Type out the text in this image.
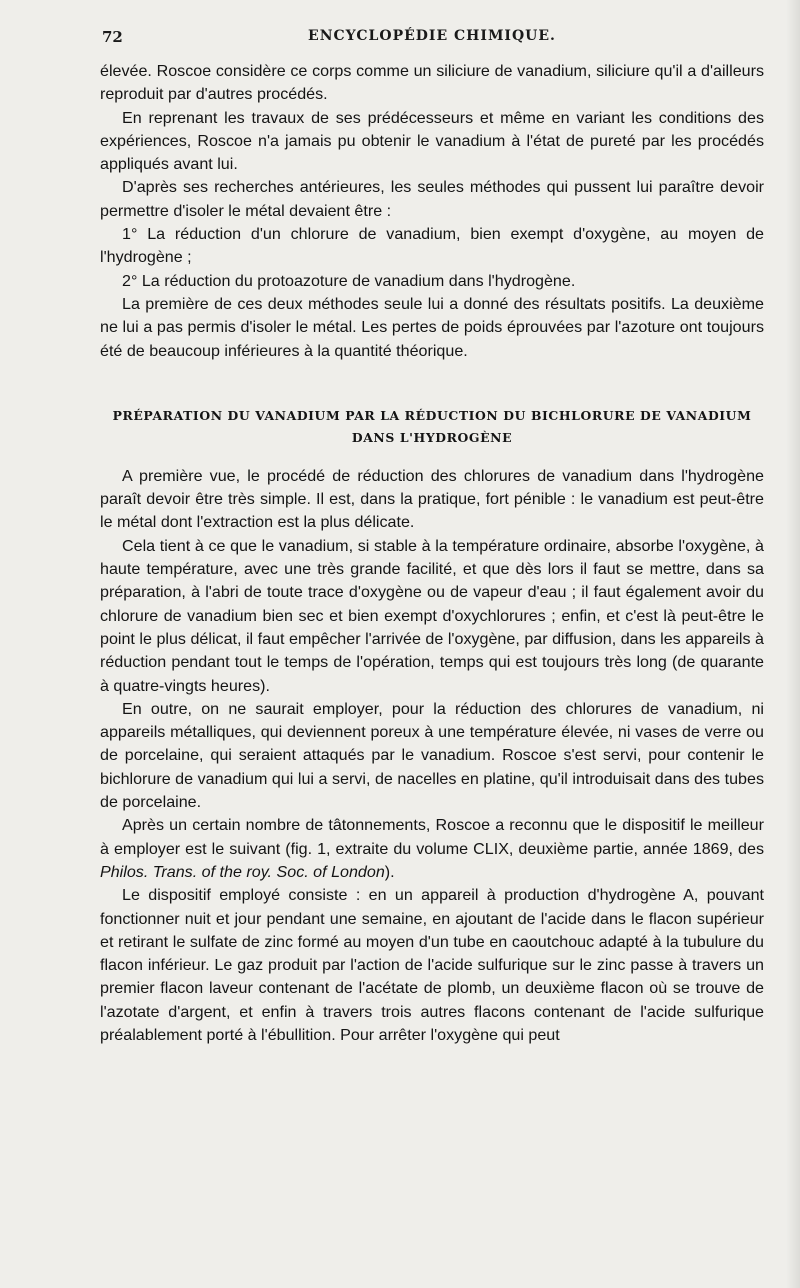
72	ENCYCLOPÉDIE CHIMIQUE.

élevée. Roscoe considère ce corps comme un siliciure de vanadium, siliciure qu'il a d'ailleurs reproduit par d'autres procédés.

En reprenant les travaux de ses prédécesseurs et même en variant les conditions des expériences, Roscoe n'a jamais pu obtenir le vanadium à l'état de pureté par les procédés appliqués avant lui.

D'après ses recherches antérieures, les seules méthodes qui pussent lui paraître devoir permettre d'isoler le métal devaient être :

1° La réduction d'un chlorure de vanadium, bien exempt d'oxygène, au moyen de l'hydrogène ;

2° La réduction du protoazoture de vanadium dans l'hydrogène.

La première de ces deux méthodes seule lui a donné des résultats positifs. La deuxième ne lui a pas permis d'isoler le métal. Les pertes de poids éprouvées par l'azoture ont toujours été de beaucoup inférieures à la quantité théorique.

PRÉPARATION DU VANADIUM PAR LA RÉDUCTION DU BICHLORURE DE VANADIUM
DANS L'HYDROGÈNE

A première vue, le procédé de réduction des chlorures de vanadium dans l'hydrogène paraît devoir être très simple. Il est, dans la pratique, fort pénible : le vanadium est peut-être le métal dont l'extraction est la plus délicate.

Cela tient à ce que le vanadium, si stable à la température ordinaire, absorbe l'oxygène, à haute température, avec une très grande facilité, et que dès lors il faut se mettre, dans sa préparation, à l'abri de toute trace d'oxygène ou de vapeur d'eau ; il faut également avoir du chlorure de vanadium bien sec et bien exempt d'oxychlorures ; enfin, et c'est là peut-être le point le plus délicat, il faut empêcher l'arrivée de l'oxygène, par diffusion, dans les appareils à réduction pendant tout le temps de l'opération, temps qui est toujours très long (de quarante à quatre-vingts heures).

En outre, on ne saurait employer, pour la réduction des chlorures de vanadium, ni appareils métalliques, qui deviennent poreux à une température élevée, ni vases de verre ou de porcelaine, qui seraient attaqués par le vanadium. Roscoe s'est servi, pour contenir le bichlorure de vanadium qui lui a servi, de nacelles en platine, qu'il introduisait dans des tubes de porcelaine.

Après un certain nombre de tâtonnements, Roscoe a reconnu que le dispositif le meilleur à employer est le suivant (fig. 1, extraite du volume CLIX, deuxième partie, année 1869, des Philos. Trans. of the roy. Soc. of London).

Le dispositif employé consiste : en un appareil à production d'hydrogène A, pouvant fonctionner nuit et jour pendant une semaine, en ajoutant de l'acide dans le flacon supérieur et retirant le sulfate de zinc formé au moyen d'un tube en caoutchouc adapté à la tubulure du flacon inférieur. Le gaz produit par l'action de l'acide sulfurique sur le zinc passe à travers un premier flacon laveur contenant de l'acétate de plomb, un deuxième flacon où se trouve de l'azotate d'argent, et enfin à travers trois autres flacons contenant de l'acide sulfurique préalablement porté à l'ébullition. Pour arrêter l'oxygène qui peut
